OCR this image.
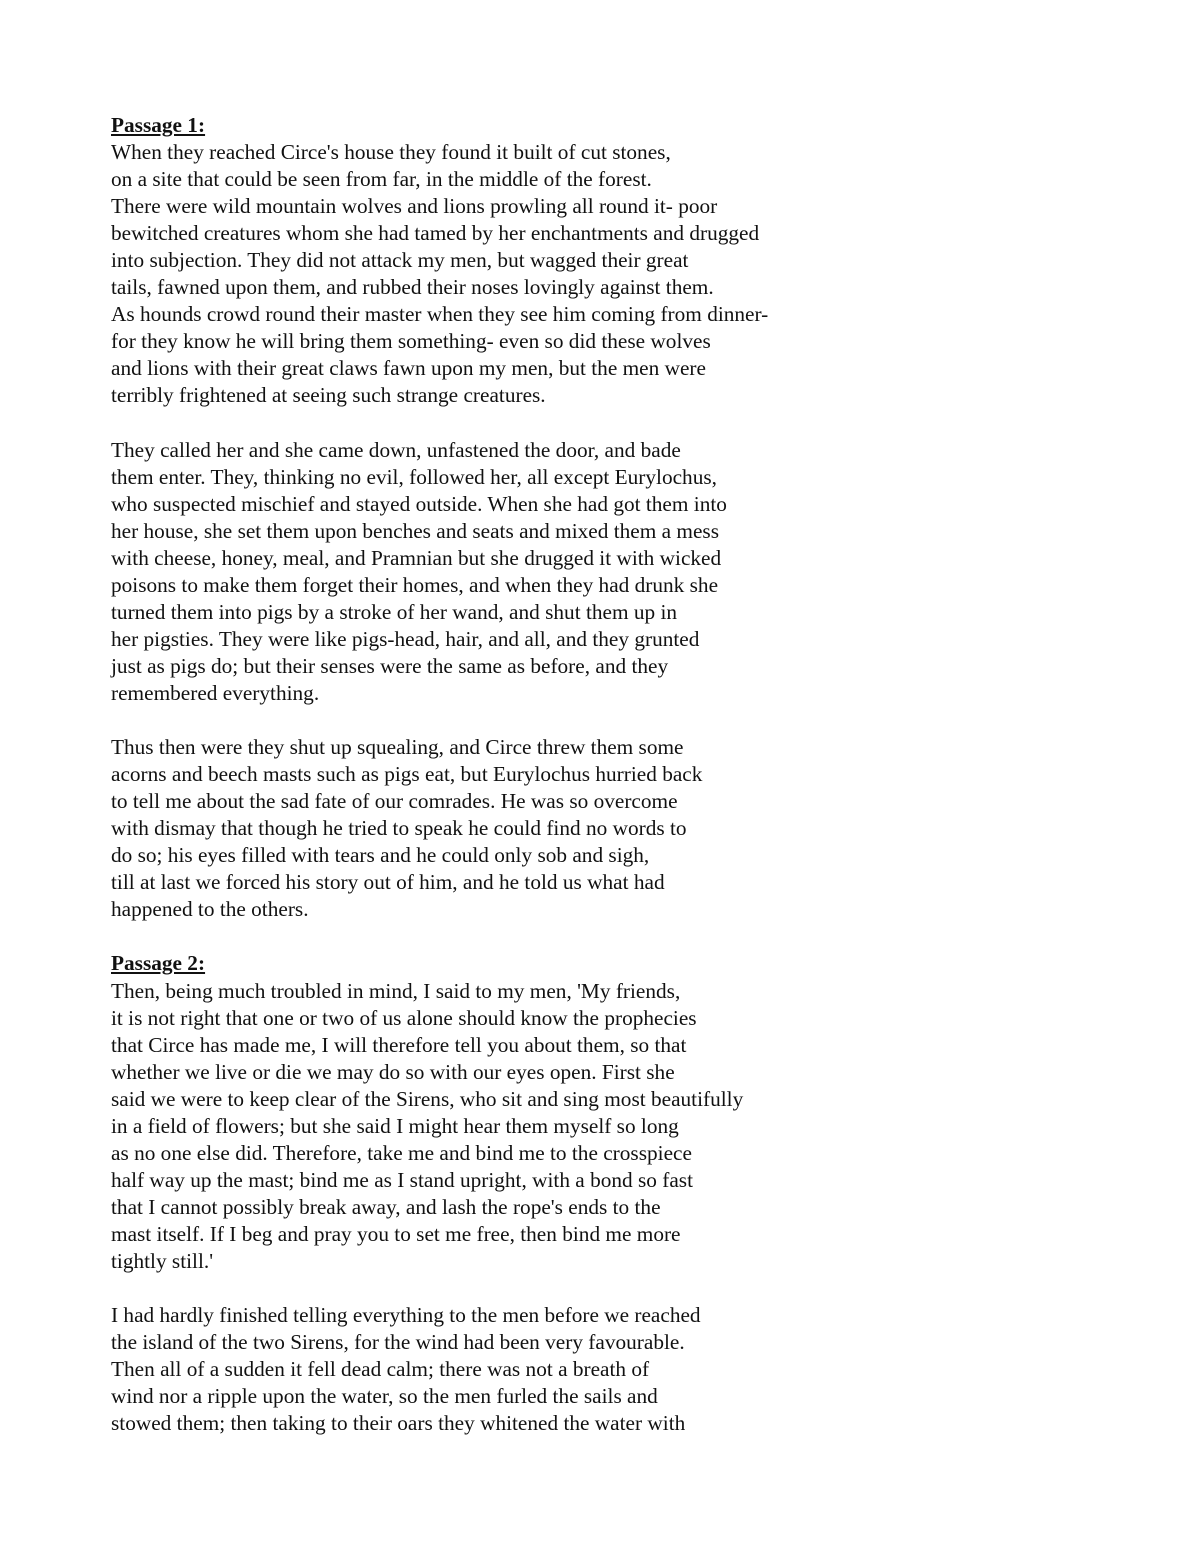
Passage 1:
When they reached Circe's house they found it built of cut stones,
on a site that could be seen from far, in the middle of the forest.
There were wild mountain wolves and lions prowling all round it- poor
bewitched creatures whom she had tamed by her enchantments and drugged
into subjection. They did not attack my men, but wagged their great
tails, fawned upon them, and rubbed their noses lovingly against them.
As hounds crowd round their master when they see him coming from dinner-
for they know he will bring them something- even so did these wolves
and lions with their great claws fawn upon my men, but the men were
terribly frightened at seeing such strange creatures.
They called her and she came down, unfastened the door, and bade
them enter. They, thinking no evil, followed her, all except Eurylochus,
who suspected mischief and stayed outside. When she had got them into
her house, she set them upon benches and seats and mixed them a mess
with cheese, honey, meal, and Pramnian but she drugged it with wicked
poisons to make them forget their homes, and when they had drunk she
turned them into pigs by a stroke of her wand, and shut them up in
her pigsties. They were like pigs-head, hair, and all, and they grunted
just as pigs do; but their senses were the same as before, and they
remembered everything.
Thus then were they shut up squealing, and Circe threw them some
acorns and beech masts such as pigs eat, but Eurylochus hurried back
to tell me about the sad fate of our comrades. He was so overcome
with dismay that though he tried to speak he could find no words to
do so; his eyes filled with tears and he could only sob and sigh,
till at last we forced his story out of him, and he told us what had
happened to the others.
Passage 2:
Then, being much troubled in mind, I said to my men, 'My friends,
it is not right that one or two of us alone should know the prophecies
that Circe has made me, I will therefore tell you about them, so that
whether we live or die we may do so with our eyes open. First she
said we were to keep clear of the Sirens, who sit and sing most beautifully
in a field of flowers; but she said I might hear them myself so long
as no one else did. Therefore, take me and bind me to the crosspiece
half way up the mast; bind me as I stand upright, with a bond so fast
that I cannot possibly break away, and lash the rope's ends to the
mast itself. If I beg and pray you to set me free, then bind me more
tightly still.'
I had hardly finished telling everything to the men before we reached
the island of the two Sirens, for the wind had been very favourable.
Then all of a sudden it fell dead calm; there was not a breath of
wind nor a ripple upon the water, so the men furled the sails and
stowed them; then taking to their oars they whitened the water with
